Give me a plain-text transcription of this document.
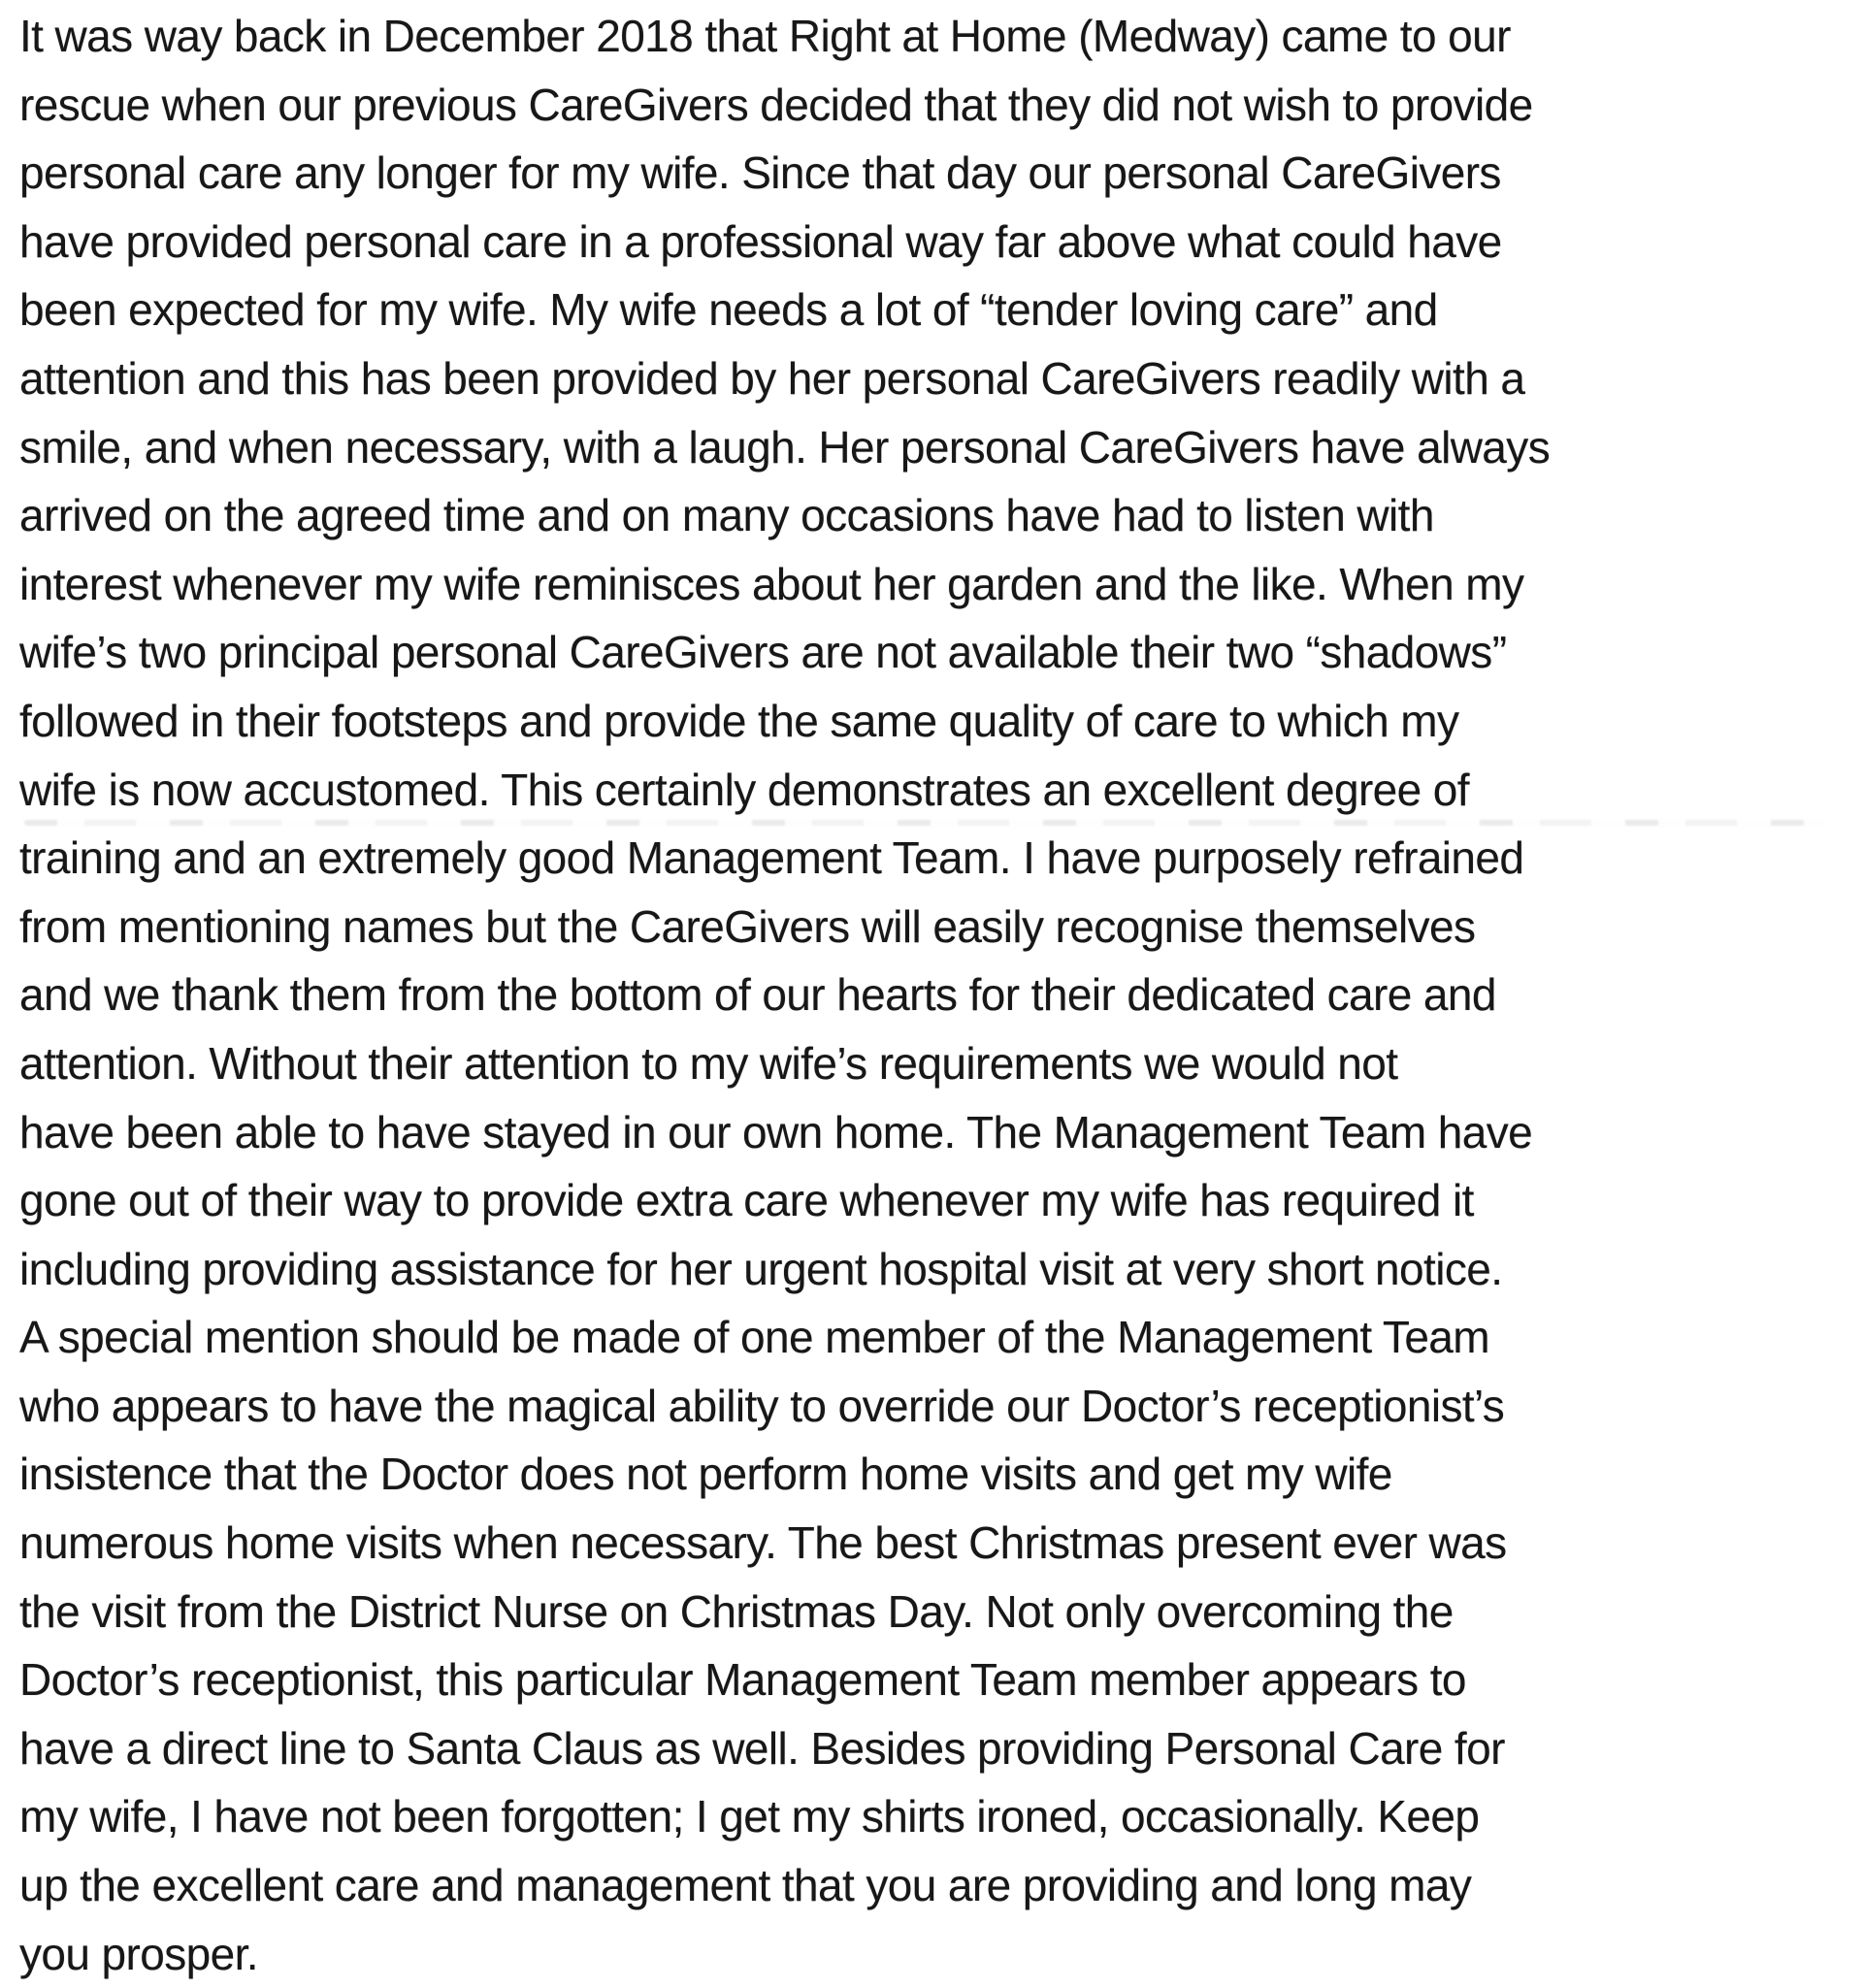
It was way back in December 2018 that Right at Home (Medway) came to our
rescue when our previous CareGivers decided that they did not wish to provide
personal care any longer for my wife. Since that day our personal CareGivers
have provided personal care in a professional way far above what could have
been expected for my wife. My wife needs a lot of “tender loving care” and
attention and this has been provided by her personal CareGivers readily with a
smile, and when necessary, with a laugh. Her personal CareGivers have always
arrived on the agreed time and on many occasions have had to listen with
interest whenever my wife reminisces about her garden and the like. When my
wife’s two principal personal CareGivers are not available their two “shadows”
followed in their footsteps and provide the same quality of care to which my
wife is now accustomed. This certainly demonstrates an excellent degree of
training and an extremely good Management Team. I have purposely refrained
from mentioning names but the CareGivers will easily recognise themselves
and we thank them from the bottom of our hearts for their dedicated care and
attention. Without their attention to my wife’s requirements we would not
have been able to have stayed in our own home. The Management Team have
gone out of their way to provide extra care whenever my wife has required it
including providing assistance for her urgent hospital visit at very short notice.
A special mention should be made of one member of the Management Team
who appears to have the magical ability to override our Doctor’s receptionist’s
insistence that the Doctor does not perform home visits and get my wife
numerous home visits when necessary. The best Christmas present ever was
the visit from the District Nurse on Christmas Day. Not only overcoming the
Doctor’s receptionist, this particular Management Team member appears to
have a direct line to Santa Claus as well. Besides providing Personal Care for
my wife, I have not been forgotten; I get my shirts ironed, occasionally. Keep
up the excellent care and management that you are providing and long may
you prosper.
